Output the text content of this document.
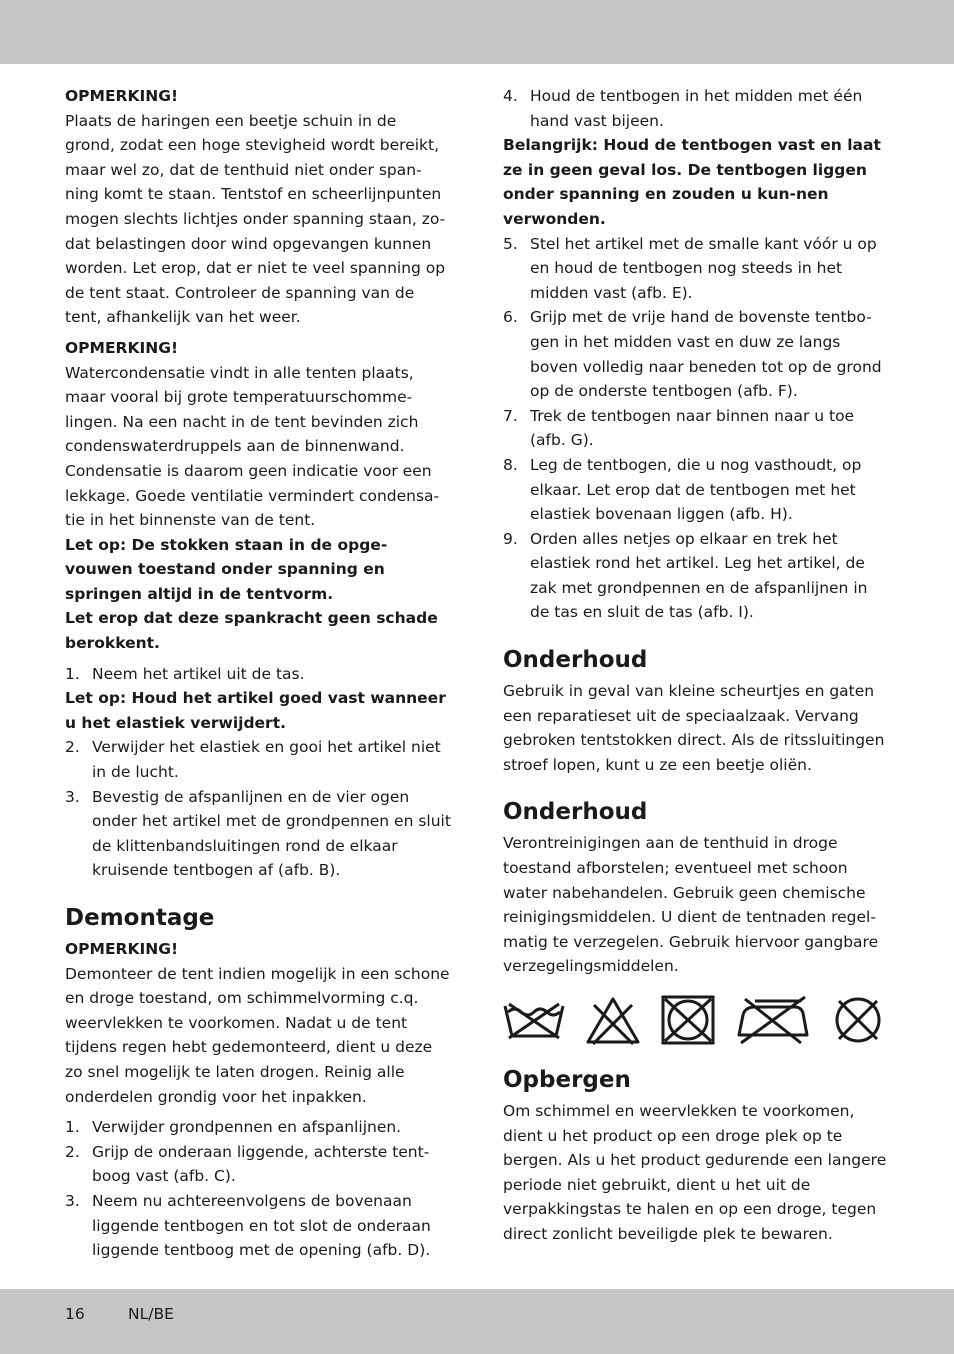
OPMERKING!

Plaats de haringen een beetje schuin in de grond, zodat een hoge stevigheid wordt bereikt, maar wel zo, dat de tenthuid niet onder span-ning komt te staan. Tentstof en scheerlijnpunten mogen slechts lichtjes onder spanning staan, zo-dat belastingen door wind opgevangen kunnen worden. Let erop, dat er niet te veel spanning op de tent staat. Controleer de spanning van de tent, afhankelijk van het weer.

OPMERKING!

Watercondensatie vindt in alle tenten plaats, maar vooral bij grote temperatuurschomme-lingen. Na een nacht in de tent bevinden zich condenswaterdruppels aan de binnenwand. Condensatie is daarom geen indicatie voor een lekkage. Goede ventilatie vermindert condensa-tie in het binnenste van de tent.

Let op: De stokken staan in de opge-vouwen toestand onder spanning en springen altijd in de tentvorm.

Let erop dat deze spankracht geen schade berokkent.

1. Neem het artikel uit de tas.

Let op: Houd het artikel goed vast wanneer u het elastiek verwijdert.

2. Verwijder het elastiek en gooi het artikel niet in de lucht.
3. Bevestig de afspanlijnen en de vier ogen onder het artikel met de grondpennen en sluit de klittenbandsluitingen rond de elkaar kruisende tentbogen af (afb. B).
Demontage

OPMERKING!

Demonteer de tent indien mogelijk in een schone en droge toestand, om schimmelvorming c.q. weervlekken te voorkomen. Nadat u de tent tijdens regen hebt gedemonteerd, dient u deze zo snel mogelijk te laten drogen. Reinig alle onderdelen grondig voor het inpakken.

1. Verwijder grondpennen en afspanlijnen.
2. Grijp de onderaan liggende, achterste tent-boog vast (afb. C).
3. Neem nu achtereenvolgens de bovenaan liggende tentbogen en tot slot de onderaan liggende tentboog met de opening (afb. D).
4. Houd de tentbogen in het midden met één hand vast bijeen.

Belangrijk: Houd de tentbogen vast en laat ze in geen geval los. De tentbogen liggen onder spanning en zouden u kun-nen verwonden.

5. Stel het artikel met de smalle kant vóór u op en houd de tentbogen nog steeds in het midden vast (afb. E).
6. Grijp met de vrije hand de bovenste tentbo-gen in het midden vast en duw ze langs boven volledig naar beneden tot op de grond op de onderste tentbogen (afb. F).
7. Trek de tentbogen naar binnen naar u toe (afb. G).
8. Leg de tentbogen, die u nog vasthoudt, op elkaar. Let erop dat de tentbogen met het elastiek bovenaan liggen (afb. H).
9. Orden alles netjes op elkaar en trek het elastiek rond het artikel. Leg het artikel, de zak met grondpennen en de afspanlijnen in de tas en sluit de tas (afb. I).
Onderhoud

Gebruik in geval van kleine scheurtjes en gaten een reparatieset uit de speciaalzaak. Vervang gebroken tentstokken direct. Als de ritssluitingen stroef lopen, kunt u ze een beetje oliën.

Onderhoud

Verontreinigingen aan de tenthuid in droge toestand afborstelen; eventueel met schoon water nabehandelen. Gebruik geen chemische reinigingsmiddelen. U dient de tentnaden regel-matig te verzegelen. Gebruik hiervoor gangbare verzegelingsmiddelen.

Opbergen

Om schimmel en weervlekken te voorkomen, dient u het product op een droge plek op te bergen. Als u het product gedurende een langere periode niet gebruikt, dient u het uit de verpakkingstas te halen en op een droge, tegen direct zonlicht beveiligde plek te bewaren.

16	NL/BE
